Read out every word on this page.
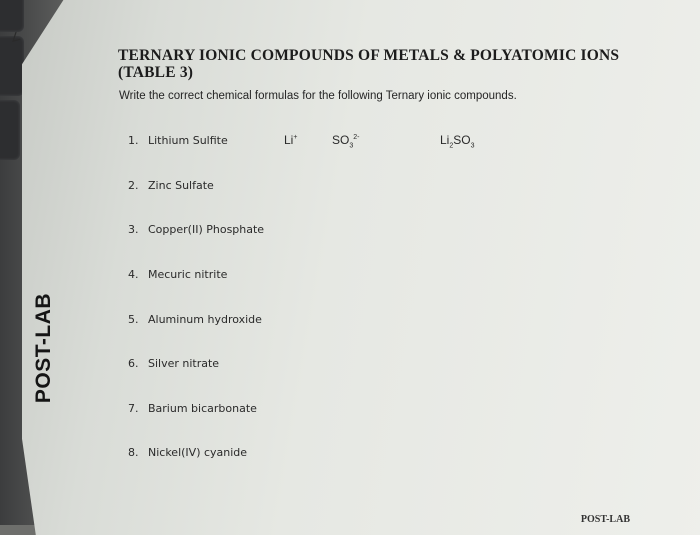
∠
TERNARY IONIC COMPOUNDS OF METALS & POLYATOMIC IONS (TABLE 3)

Write the correct chemical formulas for the following Ternary ionic compounds.

1. Lithium Sulfite
2. Zinc Sulfate
3. Copper(II) Phosphate
4. Mecuric nitrite
5. Aluminum hydroxide
6. Silver nitrate
7. Barium bicarbonate
8. Nickel(IV) cyanide
Li+	$SO_3^{2-}$	$Li_2SO_3$
POST-LAB
POST-LAB
